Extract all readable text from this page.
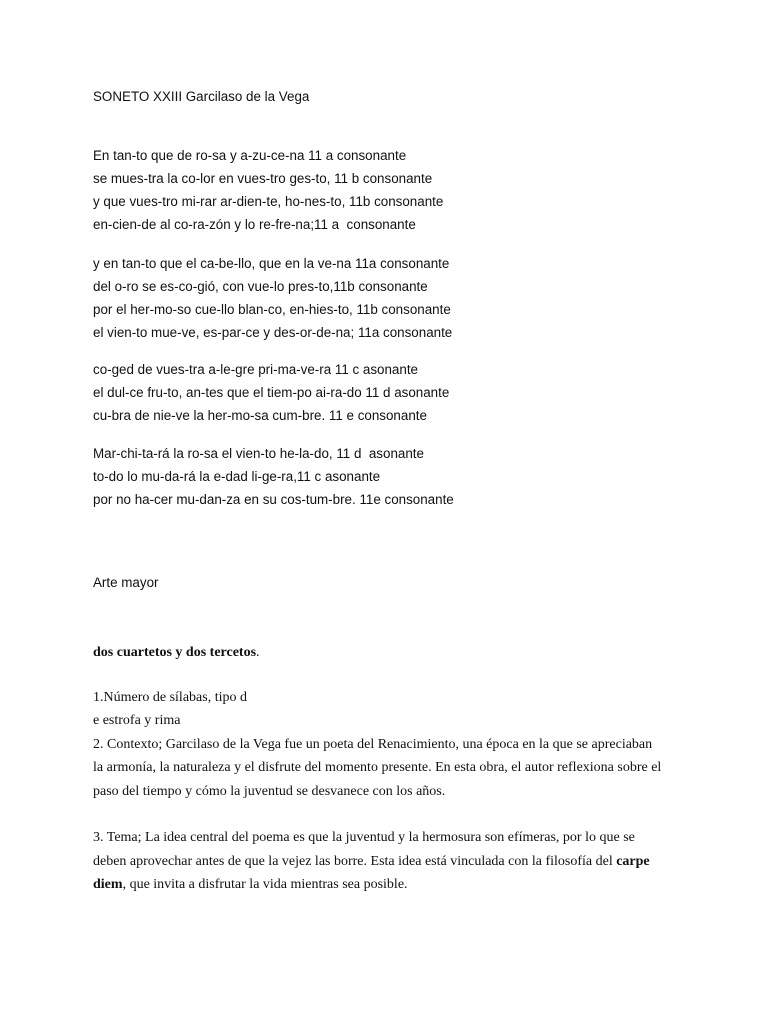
SONETO XXIII Garcilaso de la Vega
En tan-to que de ro-sa y a-zu-ce-na 11 a consonante
se mues-tra la co-lor en vues-tro ges-to, 11 b consonante
y que vues-tro mi-rar ar-dien-te, ho-nes-to, 11b consonante
en-cien-de al co-ra-zón y lo re-fre-na;11 a  consonante
y en tan-to que el ca-be-llo, que en la ve-na 11a consonante
del o-ro se es-co-gió, con vue-lo pres-to,11b consonante
por el her-mo-so cue-llo blan-co, en-hies-to, 11b consonante
el vien-to mue-ve, es-par-ce y des-or-de-na; 11a consonante
co-ged de vues-tra a-le-gre pri-ma-ve-ra 11 c asonante
el dul-ce fru-to, an-tes que el tiem-po ai-ra-do 11 d asonante
cu-bra de nie-ve la her-mo-sa cum-bre. 11 e consonante
Mar-chi-ta-rá la ro-sa el vien-to he-la-do, 11 d  asonante
to-do lo mu-da-rá la e-dad li-ge-ra,11 c asonante
por no ha-cer mu-dan-za en su cos-tum-bre. 11e consonante
Arte mayor
dos cuartetos y dos tercetos.
1.Número de sílabas, tipo d
e estrofa y rima
2. Contexto; Garcilaso de la Vega fue un poeta del Renacimiento, una época en la que se apreciaban
la armonía, la naturaleza y el disfrute del momento presente. En esta obra, el autor reflexiona sobre el
paso del tiempo y cómo la juventud se desvanece con los años.
3. Tema; La idea central del poema es que la juventud y la hermosura son efímeras, por lo que se
deben aprovechar antes de que la vejez las borre. Esta idea está vinculada con la filosofía del carpe
diem, que invita a disfrutar la vida mientras sea posible.
